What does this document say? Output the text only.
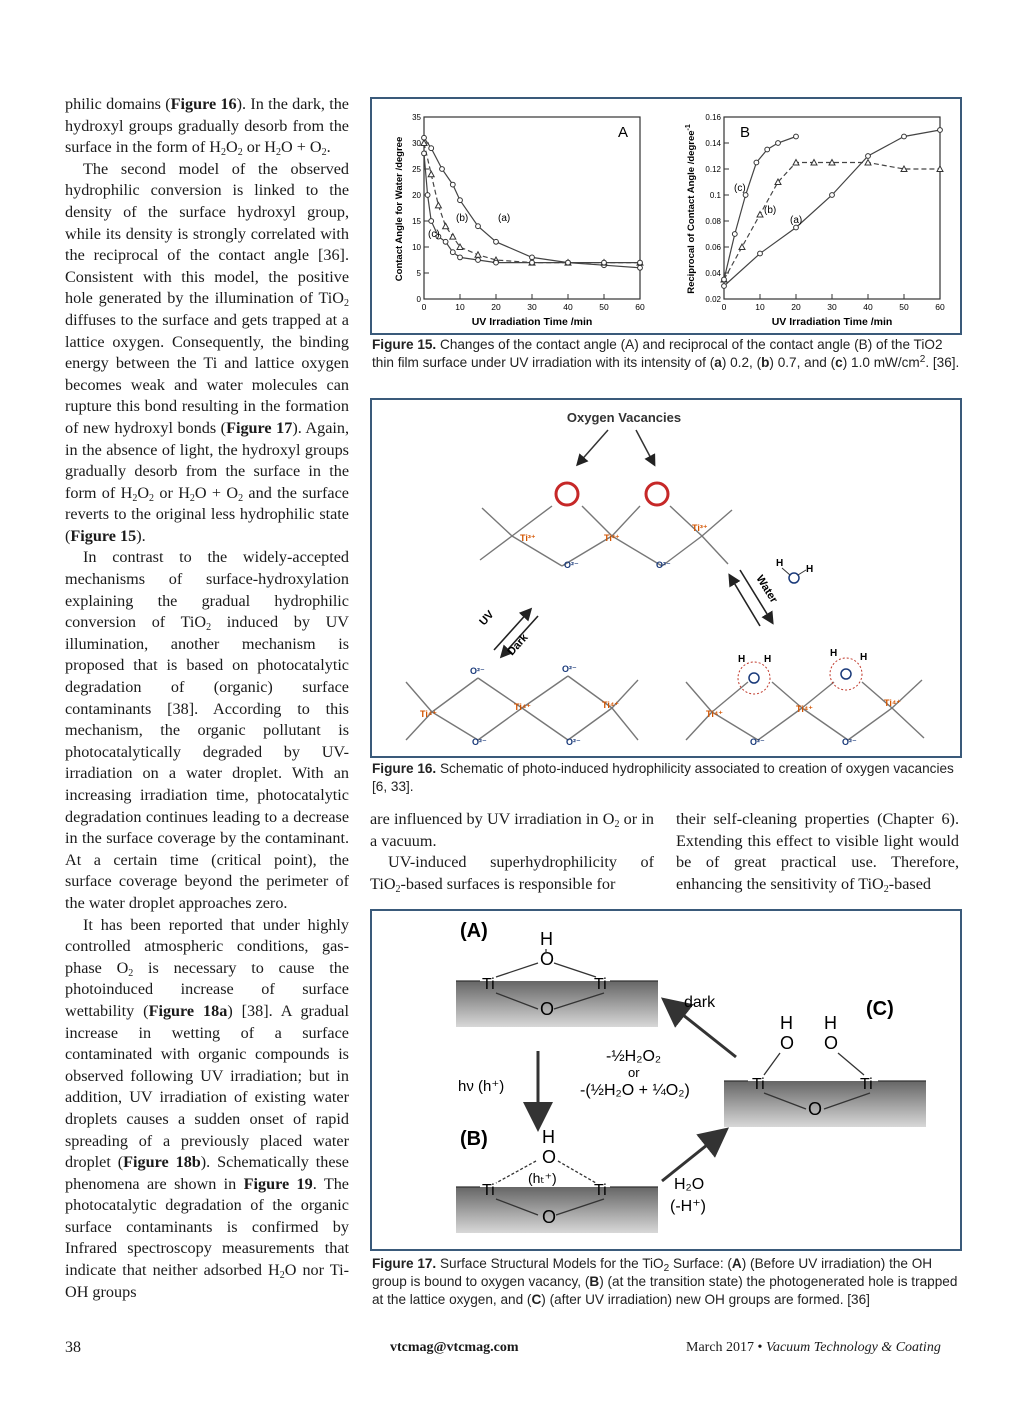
philic domains (Figure 16). In the dark, the hydroxyl groups gradually desorb from the surface in the form of $H_2O_2$ or $H_2O + O_2$.

The second model of the observed hydrophilic conversion is linked to the density of the surface hydroxyl group, while its density is strongly correlated with the reciprocal of the contact angle [36]. Consistent with this model, the positive hole generated by the illumination of TiO$_2$ diffuses to the surface and gets trapped at a lattice oxygen. Consequently, the binding energy between the Ti and lattice oxygen becomes weak and water molecules can rupture this bond resulting in the formation of new hydroxyl bonds (Figure 17). Again, in the absence of light, the hydroxyl groups gradually desorb from the surface in the form of $H_2O_2$ or $H_2O + O_2$ and the surface reverts to the original less hydrophilic state (Figure 15).

In contrast to the widely-accepted mechanisms of surface-hydroxylation explaining the gradual hydrophilic conversion of TiO$_2$ induced by UV illumination, another mechanism is proposed that is based on photocatalytic degradation of (organic) surface contaminants [38]. According to this mechanism, the organic pollutant is photocatalytically degraded by UV-irradiation on a water droplet. With an increasing irradiation time, photocatalytic degradation continues leading to a decrease in the surface coverage by the contaminant. At a certain time (critical point), the surface coverage beyond the perimeter of the water droplet approaches zero.

It has been reported that under highly controlled atmospheric conditions, gas-phase $O_2$ is necessary to cause the photoinduced increase of surface wettability (Figure 18a) [38]. A gradual increase in wetting of a surface contaminated with organic compounds is observed following UV irradiation; but in addition, UV irradiation of existing water droplets causes a sudden onset of rapid spreading of a previously placed water droplet (Figure 18b). Schematically these phenomena are shown in Figure 19. The photocatalytic degradation of the organic surface contaminants is confirmed by Infrared spectroscopy measurements that indicate that neither adsorbed $H_2O$ nor Ti-OH groups

0	10	20	30	40	50	60
0
5
10
15
20
25
30
35
0	10	20	30	40	50	60
0.02
0.04
0.06
0.08
0.1
0.12
0.14
0.16
A	B
UV Irradiation Time /min	UV Irradiation Time /min
Contact Angle for Water /degree	Reciprocal of Contact Angle /degree$^{-1}$
(a)
(b)
(c)
(a)
(b)
(c)
Figure 15. Changes of the contact angle (A) and reciprocal of the contact angle (B) of the TiO2 thin film surface under UV irradiation with its intensity of (a) 0.2, (b) 0.7, and (c) 1.0 $mW/cm^2$. [36].
Oxygen Vacancies
Ti³⁺	Ti³⁺
Ti³⁺
O²⁻	O²⁻
UV
Dark
Water
H
H
O²⁻	O²⁻
O²⁻	O²⁻
Ti⁴⁺
Ti⁴⁺	Ti⁴⁺
H H
H H
Ti⁴⁺	Ti⁴⁺
Ti⁴⁺
O²⁻	O²⁻
Figure 16. Schematic of photo-induced hydrophilicity associated to creation of oxygen vacancies [6, 33].

are influenced by UV irradiation in $O_2$ or in a vacuum.

UV-induced superhydrophilicity of TiO$_2$-based surfaces is responsible for

their self-cleaning properties (Chapter 6). Extending this effect to visible light would be of great practical use. Therefore, enhancing the sensitivity of TiO$_2$-based

(A)
(B)
(C)
H
O
Ti	Ti
O
hν (h⁺)
dark
H₂O
(-H⁺)
-½H₂O₂
or
-(½H₂O + ¼O₂)
H H
O O
Ti	Ti
O
H
O
(hₜ⁺)
Ti	Ti
O
Figure 17. Surface Structural Models for the TiO$_2$ Surface: (A) (Before UV irradiation) the OH group is bound to oxygen vacancy, (B) (at the transition state) the photogenerated hole is trapped at the lattice oxygen, and (C) (after UV irradiation) new OH groups are formed. [36]
38	vtcmag@vtcmag.com	March 2017 • Vacuum Technology & Coating
